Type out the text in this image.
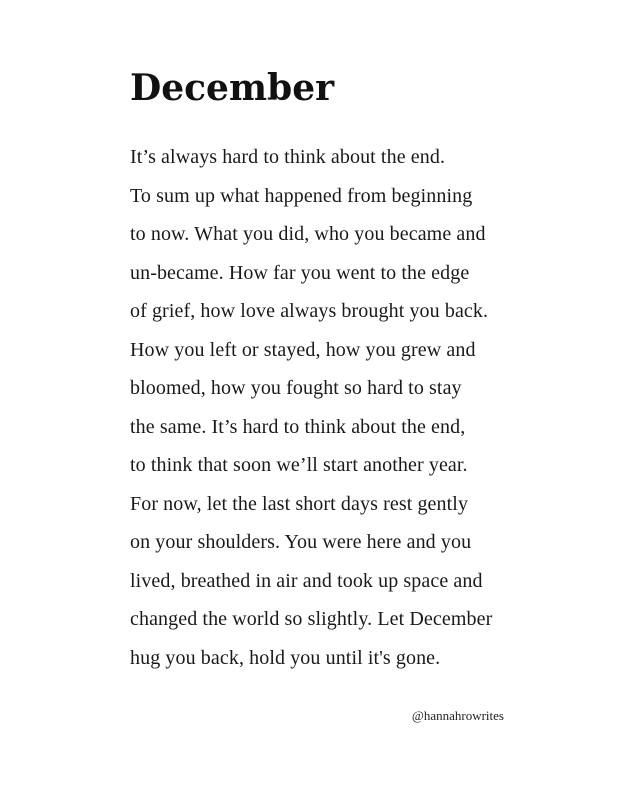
December
It’s always hard to think about the end.
To sum up what happened from beginning
to now. What you did, who you became and
un-became. How far you went to the edge
of grief, how love always brought you back.
How you left or stayed, how you grew and
bloomed, how you fought so hard to stay
the same. It’s hard to think about the end,
to think that soon we’ll start another year.
For now, let the last short days rest gently
on your shoulders. You were here and you
lived, breathed in air and took up space and
changed the world so slightly. Let December
hug you back, hold you until it's gone.
@hannahrowrites
